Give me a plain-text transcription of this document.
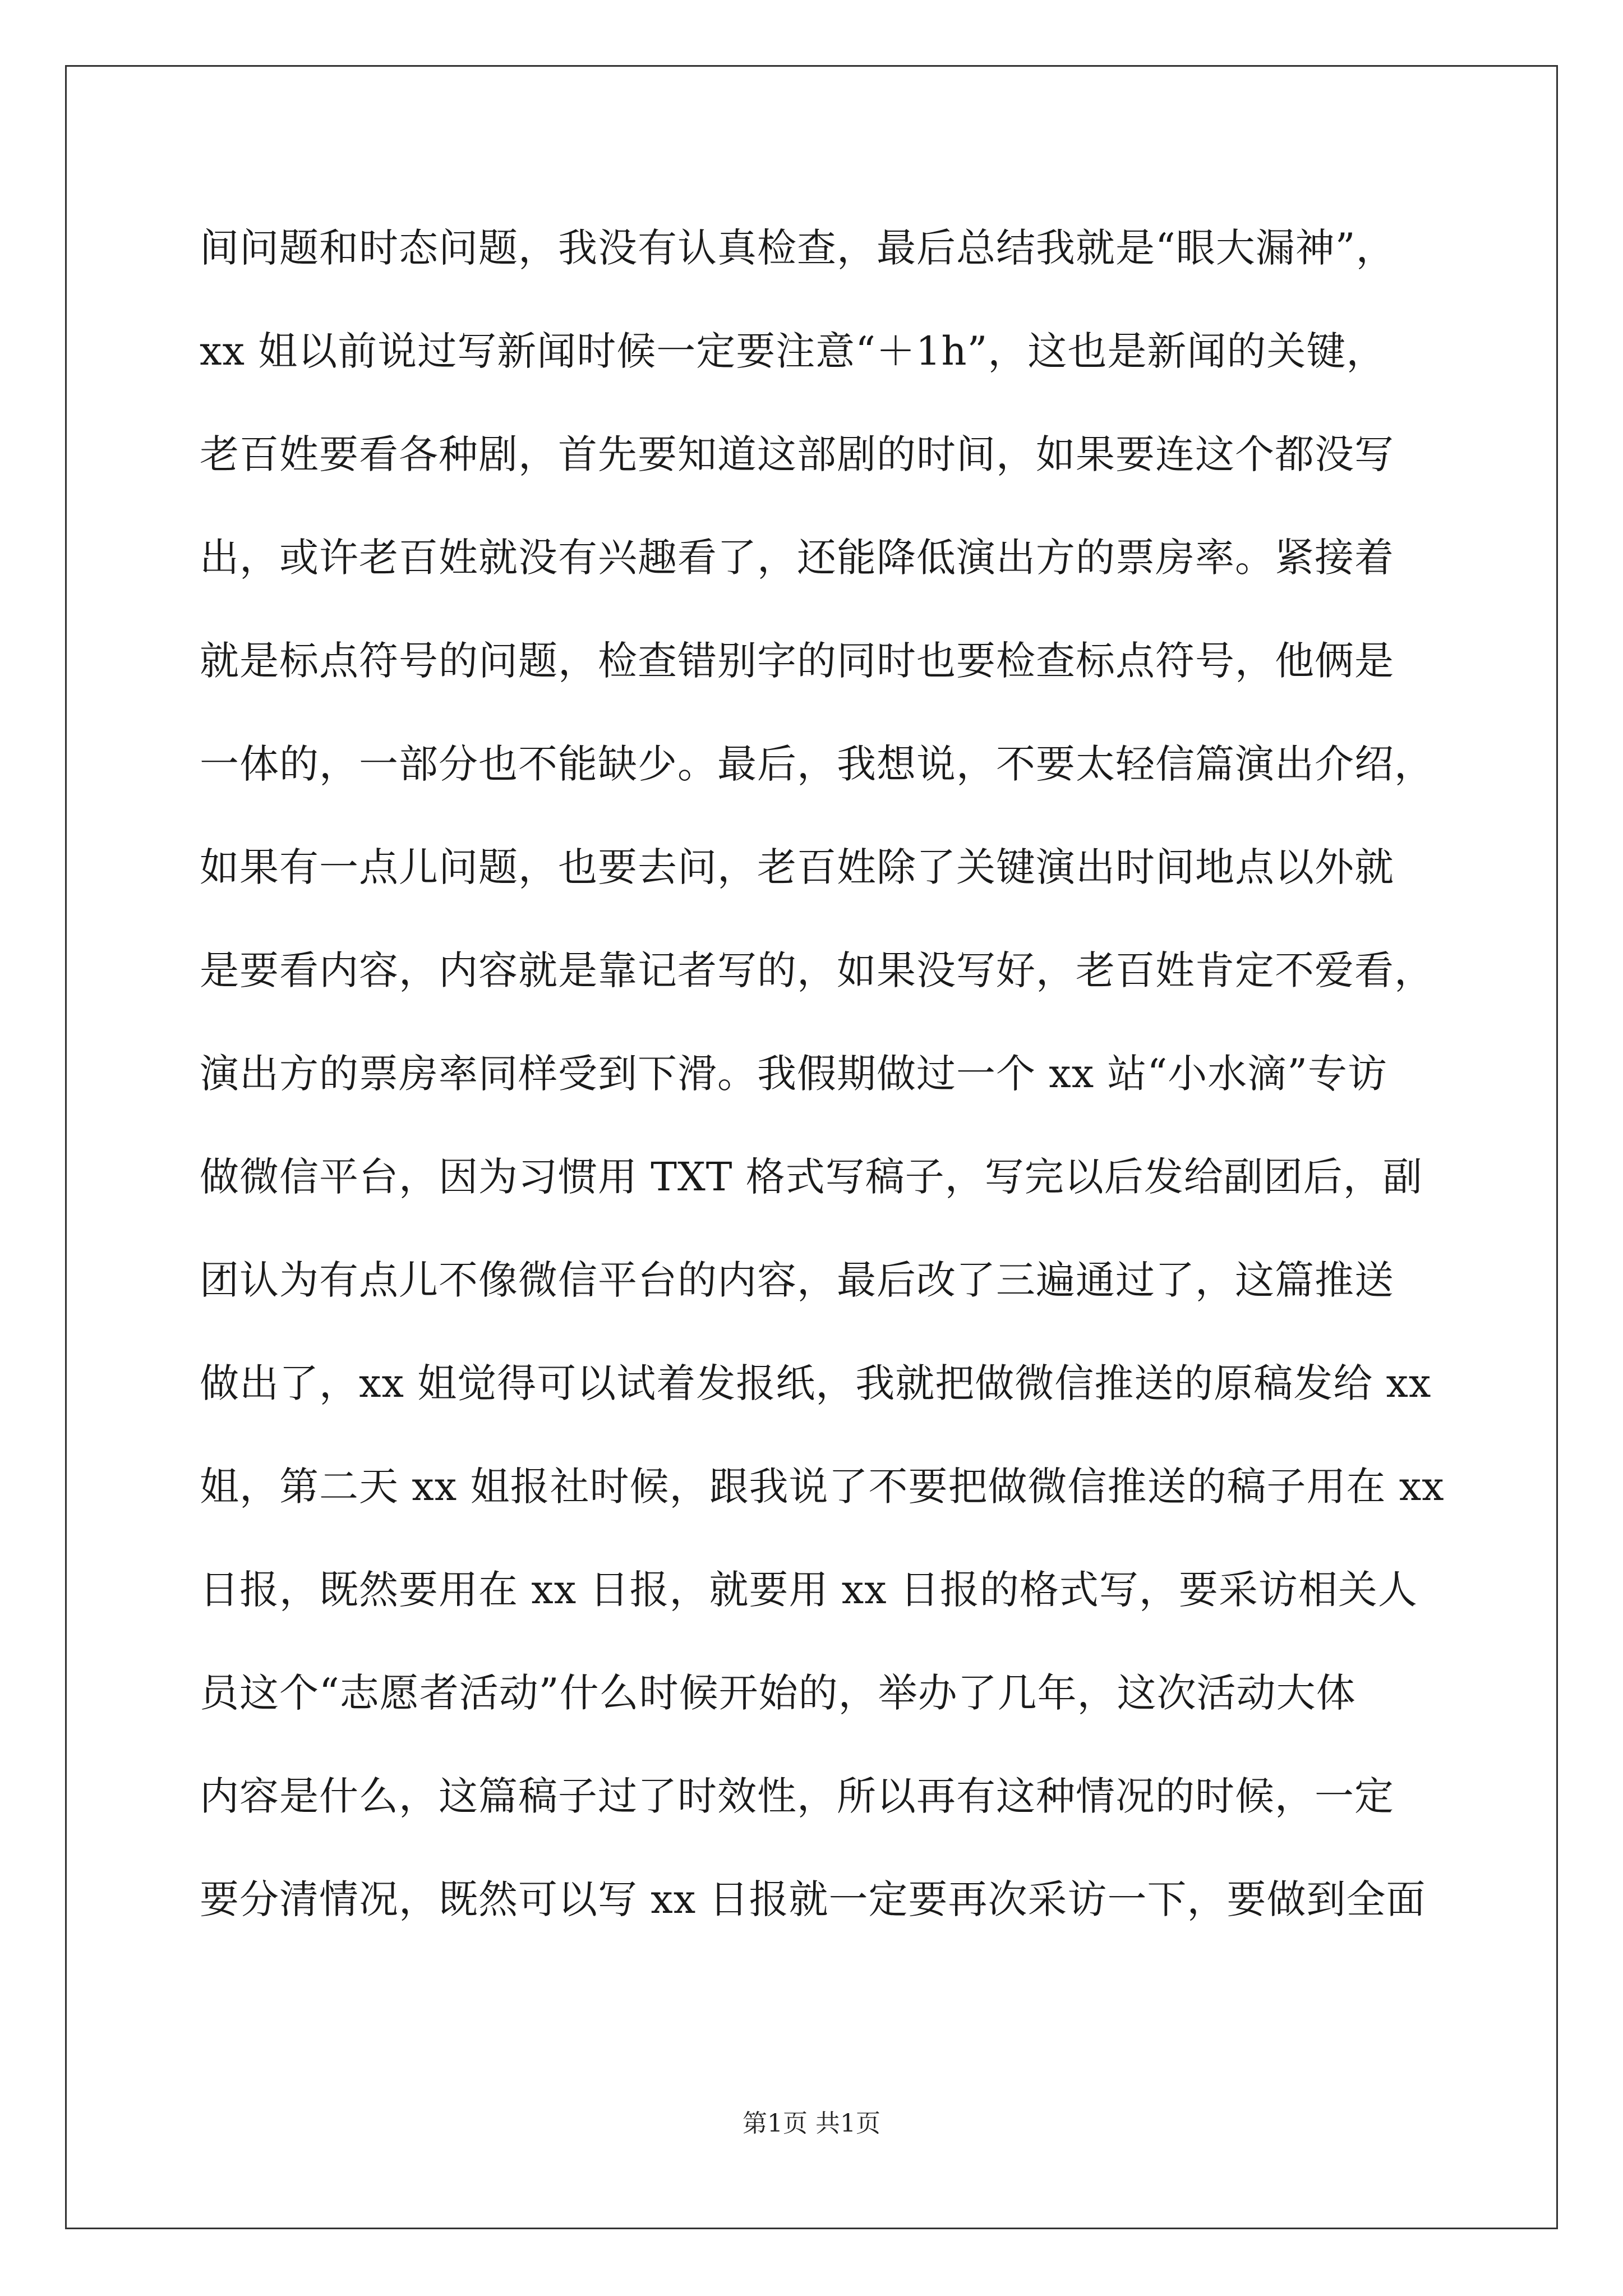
间问题和时态问题，我没有认真检查，最后总结我就是“眼大漏神”，
xx 姐以前说过写新闻时候一定要注意“＋1h”，这也是新闻的关键，
老百姓要看各种剧，首先要知道这部剧的时间，如果要连这个都没写
出，或许老百姓就没有兴趣看了，还能降低演出方的票房率。紧接着
就是标点符号的问题，检查错别字的同时也要检查标点符号，他俩是
一体的，一部分也不能缺少。最后，我想说，不要太轻信篇演出介绍，
如果有一点儿问题，也要去问，老百姓除了关键演出时间地点以外就
是要看内容，内容就是靠记者写的，如果没写好，老百姓肯定不爱看，
演出方的票房率同样受到下滑。我假期做过一个 xx 站“小水滴”专访
做微信平台，因为习惯用 TXT 格式写稿子，写完以后发给副团后，副
团认为有点儿不像微信平台的内容，最后改了三遍通过了，这篇推送
做出了，xx 姐觉得可以试着发报纸，我就把做微信推送的原稿发给 xx
姐，第二天 xx 姐报社时候，跟我说了不要把做微信推送的稿子用在 xx
日报，既然要用在 xx 日报，就要用 xx 日报的格式写，要采访相关人
员这个“志愿者活动”什么时候开始的，举办了几年，这次活动大体
内容是什么，这篇稿子过了时效性，所以再有这种情况的时候，一定
要分清情况，既然可以写 xx 日报就一定要再次采访一下，要做到全面
第1页 共1页
